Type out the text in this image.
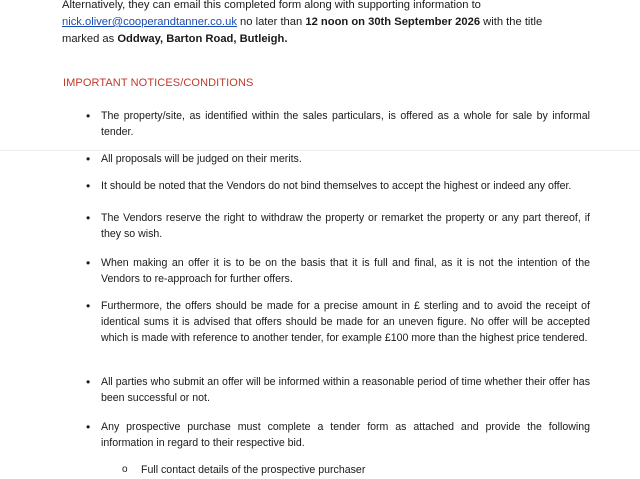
Alternatively, they can email this completed form along with supporting information to
nick.oliver@cooperandtanner.co.uk no later than 12 noon on 30th September 2026 with the title
marked as Oddway, Barton Road, Butleigh.
IMPORTANT NOTICES/CONDITIONS
• The property/site, as identified within the sales particulars, is offered as a whole for sale by informal tender.
• All proposals will be judged on their merits.
• It should be noted that the Vendors do not bind themselves to accept the highest or indeed any offer.
• The Vendors reserve the right to withdraw the property or remarket the property or any part thereof, if they so wish.
• When making an offer it is to be on the basis that it is full and final, as it is not the intention of the Vendors to re-approach for further offers.
• Furthermore, the offers should be made for a precise amount in £ sterling and to avoid the receipt of identical sums it is advised that offers should be made for an uneven figure. No offer will be accepted which is made with reference to another tender, for example £100 more than the highest price tendered.
• All parties who submit an offer will be informed within a reasonable period of time whether their offer has been successful or not.
• Any prospective purchase must complete a tender form as attached and provide the following information in regard to their respective bid.
o Full contact details of the prospective purchaser
